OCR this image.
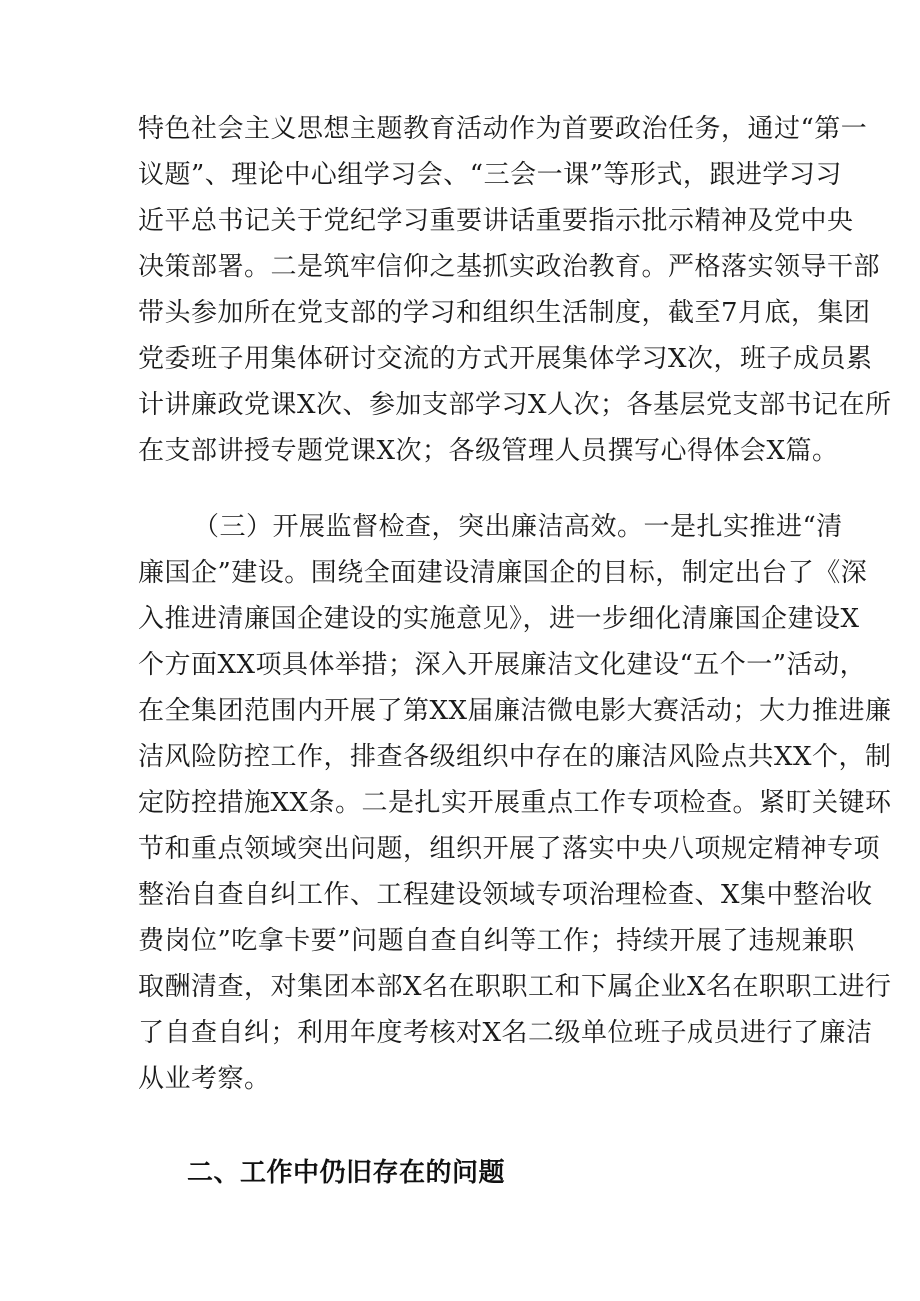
特色社会主义思想主题教育活动作为首要政治任务，通过“第一
议题”、理论中心组学习会、“三会一课”等形式，跟进学习习
近平总书记关于党纪学习重要讲话重要指示批示精神及党中央
决策部署。二是筑牢信仰之基抓实政治教育。严格落实领导干部
带头参加所在党支部的学习和组织生活制度，截至7月底，集团
党委班子用集体研讨交流的方式开展集体学习X次，班子成员累
计讲廉政党课X次、参加支部学习X人次；各基层党支部书记在所
在支部讲授专题党课X次；各级管理人员撰写心得体会X篇。
（三）开展监督检查，突出廉洁高效。一是扎实推进“清
廉国企”建设。围绕全面建设清廉国企的目标，制定出台了《深
入推进清廉国企建设的实施意见》，进一步细化清廉国企建设X
个方面XX项具体举措；深入开展廉洁文化建设“五个一”活动，
在全集团范围内开展了第XX届廉洁微电影大赛活动；大力推进廉
洁风险防控工作，排查各级组织中存在的廉洁风险点共XX个，制
定防控措施XX条。二是扎实开展重点工作专项检查。紧盯关键环
节和重点领域突出问题，组织开展了落实中央八项规定精神专项
整治自查自纠工作、工程建设领域专项治理检查、X集中整治收
费岗位”吃拿卡要”问题自查自纠等工作；持续开展了违规兼职
取酬清查，对集团本部X名在职职工和下属企业X名在职职工进行
了自查自纠；利用年度考核对X名二级单位班子成员进行了廉洁
从业考察。
二、工作中仍旧存在的问题
